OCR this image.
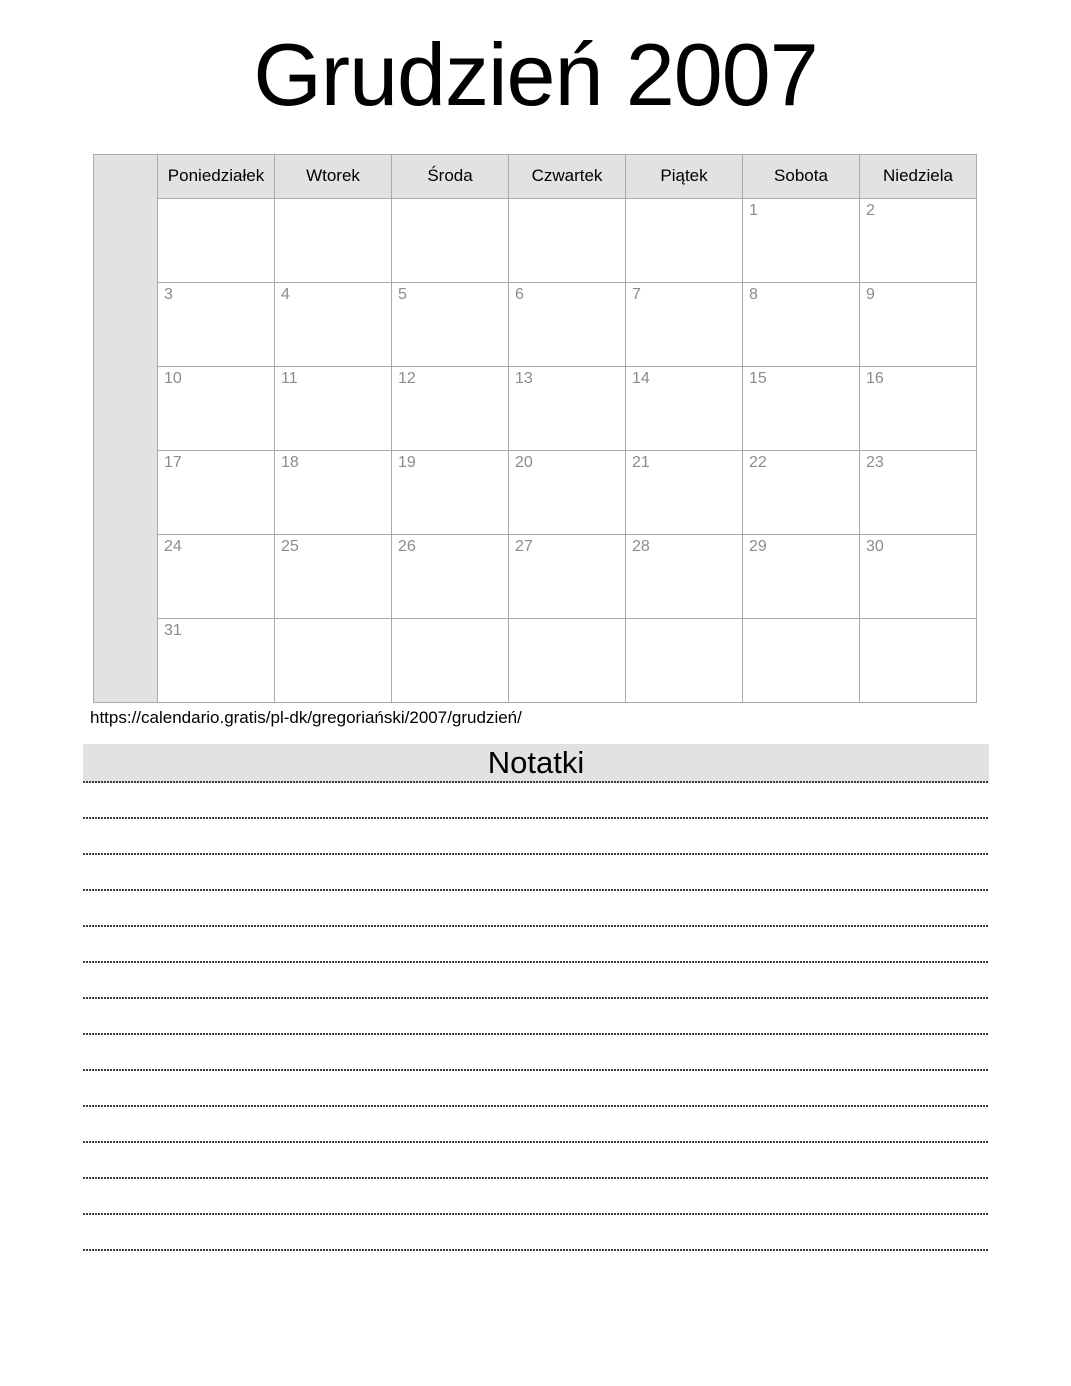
Grudzień 2007
	Poniedziałek	Wtorek	Środa	Czwartek	Piątek	Sobota	Niedziela
						1	2
	3	4	5	6	7	8	9
	10	11	12	13	14	15	16
	17	18	19	20	21	22	23
	24	25	26	27	28	29	30
	31						
https://calendario.gratis/pl-dk/gregoriański/2007/grudzień/
Notatki
